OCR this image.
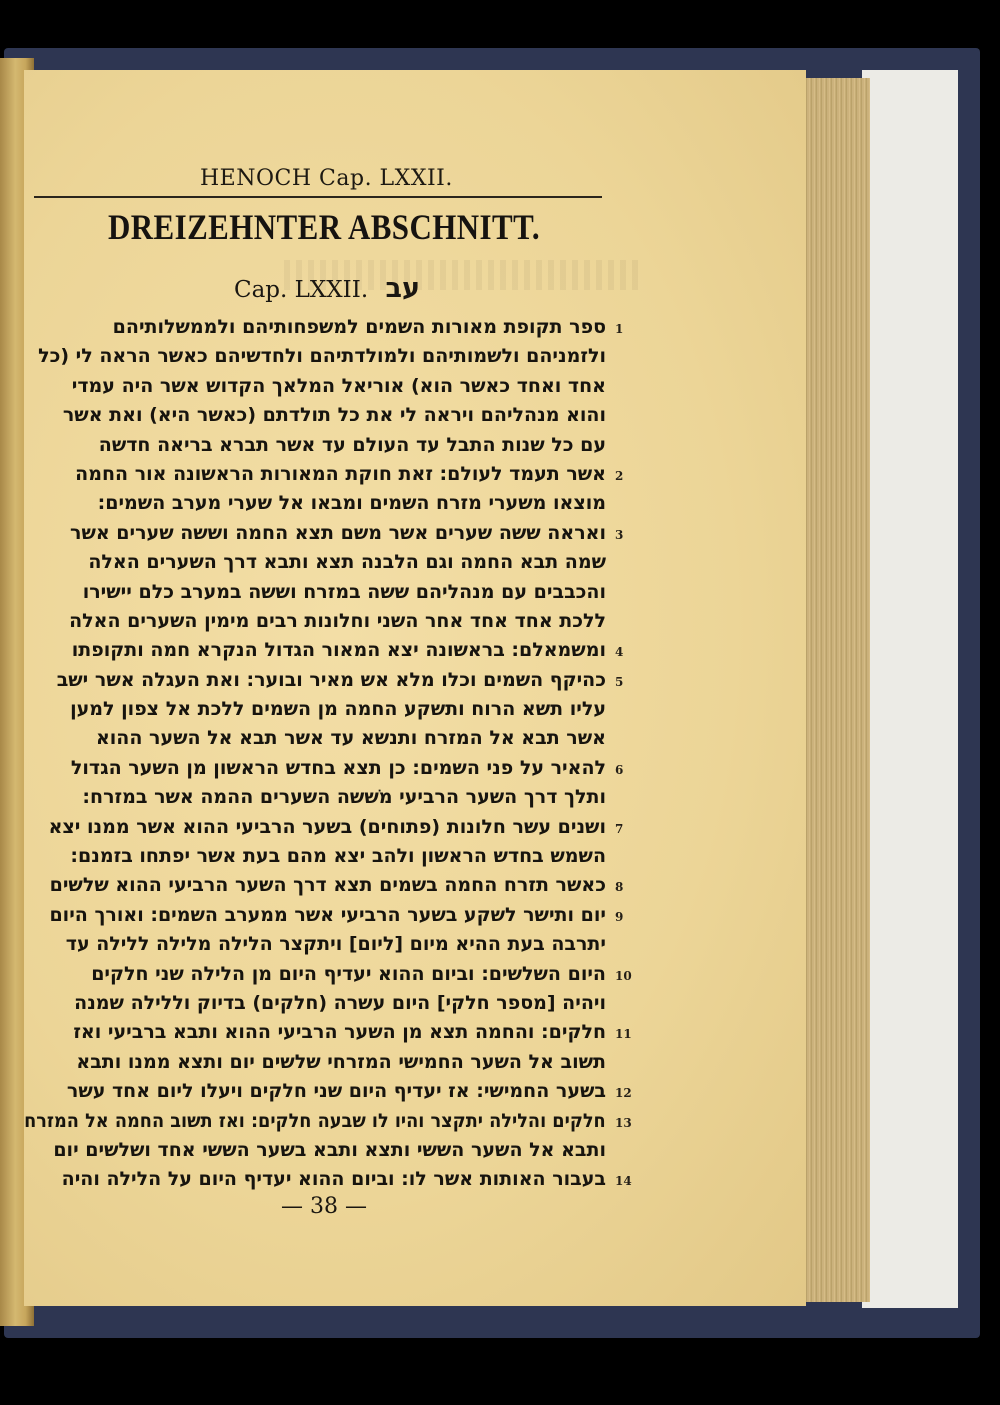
HENOCH Cap. LXXII.
DREIZEHNTER ABSCHNITT.
Cap. LXXII. עב
ספר תקופת מאורות השמים למשפחותיהם ולממשלותיהם 1
ולזמניהם ולשמותיהם ולמולדתיהם ולחדשיהם כאשר הראה לי (כל
אחד ואחד כאשר הוא) אוריאל המלאך הקדוש אשר היה עמדי
והוא מנהליהם ויראה לי את כל תולדתם (כאשר היא) ואת אשר
עם כל שנות התבל עד העולם עד אשר תברא בריאה חדשה
אשר תעמד לעולם: זאת חוקת המאורות הראשונה אור החמה 2
מוצאו משערי מזרח השמים ומבאו אל שערי מערב השמים:
ואראה ששה שערים אשר משם תצא החמה וששה שערים אשר 3
שמה תבא החמה וגם הלבנה תצא ותבא דרך השערים האלה
והכבבים עם מנהליהם ששה במזרח וששה במערב כלם יישירו
ללכת אחד אחד אחר השני וחלונות רבים מימין השערים האלה
ומשמאלם: בראשונה יצא המאור הגדול הנקרא חמה ותקופתו 4
כהיקף השמים וכלו מלא אש מאיר ובוער: ואת העגלה אשר ישב 5
עליו תשא הרוח ותשקע החמה מן השמים ללכת אל צפון למען
אשר תבא אל המזרח ותנשא עד אשר תבא אל השער ההוא
להאיר על פני השמים: כן תצא בחדש הראשון מן השער הגדול 6
ותלך דרך השער הרביעי משׁשה השערים ההמה אשר במזרח:
ושנים עשר חלונות (פתוחים) בשער הרביעי ההוא אשר ממנו יצא 7
השמש בחדש הראשון ולהב יצא מהם בעת אשר יפתחו בזמנם:
כאשר תזרח החמה בשמים תצא דרך השער הרביעי ההוא שלשים 8
יום ותישר לשקע בשער הרביעי אשר ממערב השמים: ואורך היום 9
יתרבה בעת ההיא מיום [ליום] ויתקצר הלילה מלילה ללילה עד
היום השלשים: וביום ההוא יעדיף היום מן הלילה שני חלקים 10
ויהיה [מספר חלקי] היום עשרה (חלקים) בדיוק וללילה שמנה
חלקים: והחמה תצא מן השער הרביעי ההוא ותבא ברביעי ואז 11
תשוב אל השער החמישי המזרחי שלשים יום ותצא ממנו ותבא
בשער החמישי: אז יעדיף היום שני חלקים ויעלו ליום אחד עשר 12
חלקים והלילה יתקצר והיו לו שבעה חלקים: ואז תשוב החמה אל המזרח 13
ותבא אל השער הששי ותצא ותבא בשער הששי אחד ושלשים יום
בעבור האותות אשר לו: וביום ההוא יעדיף היום על הלילה והיה 14
— 38 —
